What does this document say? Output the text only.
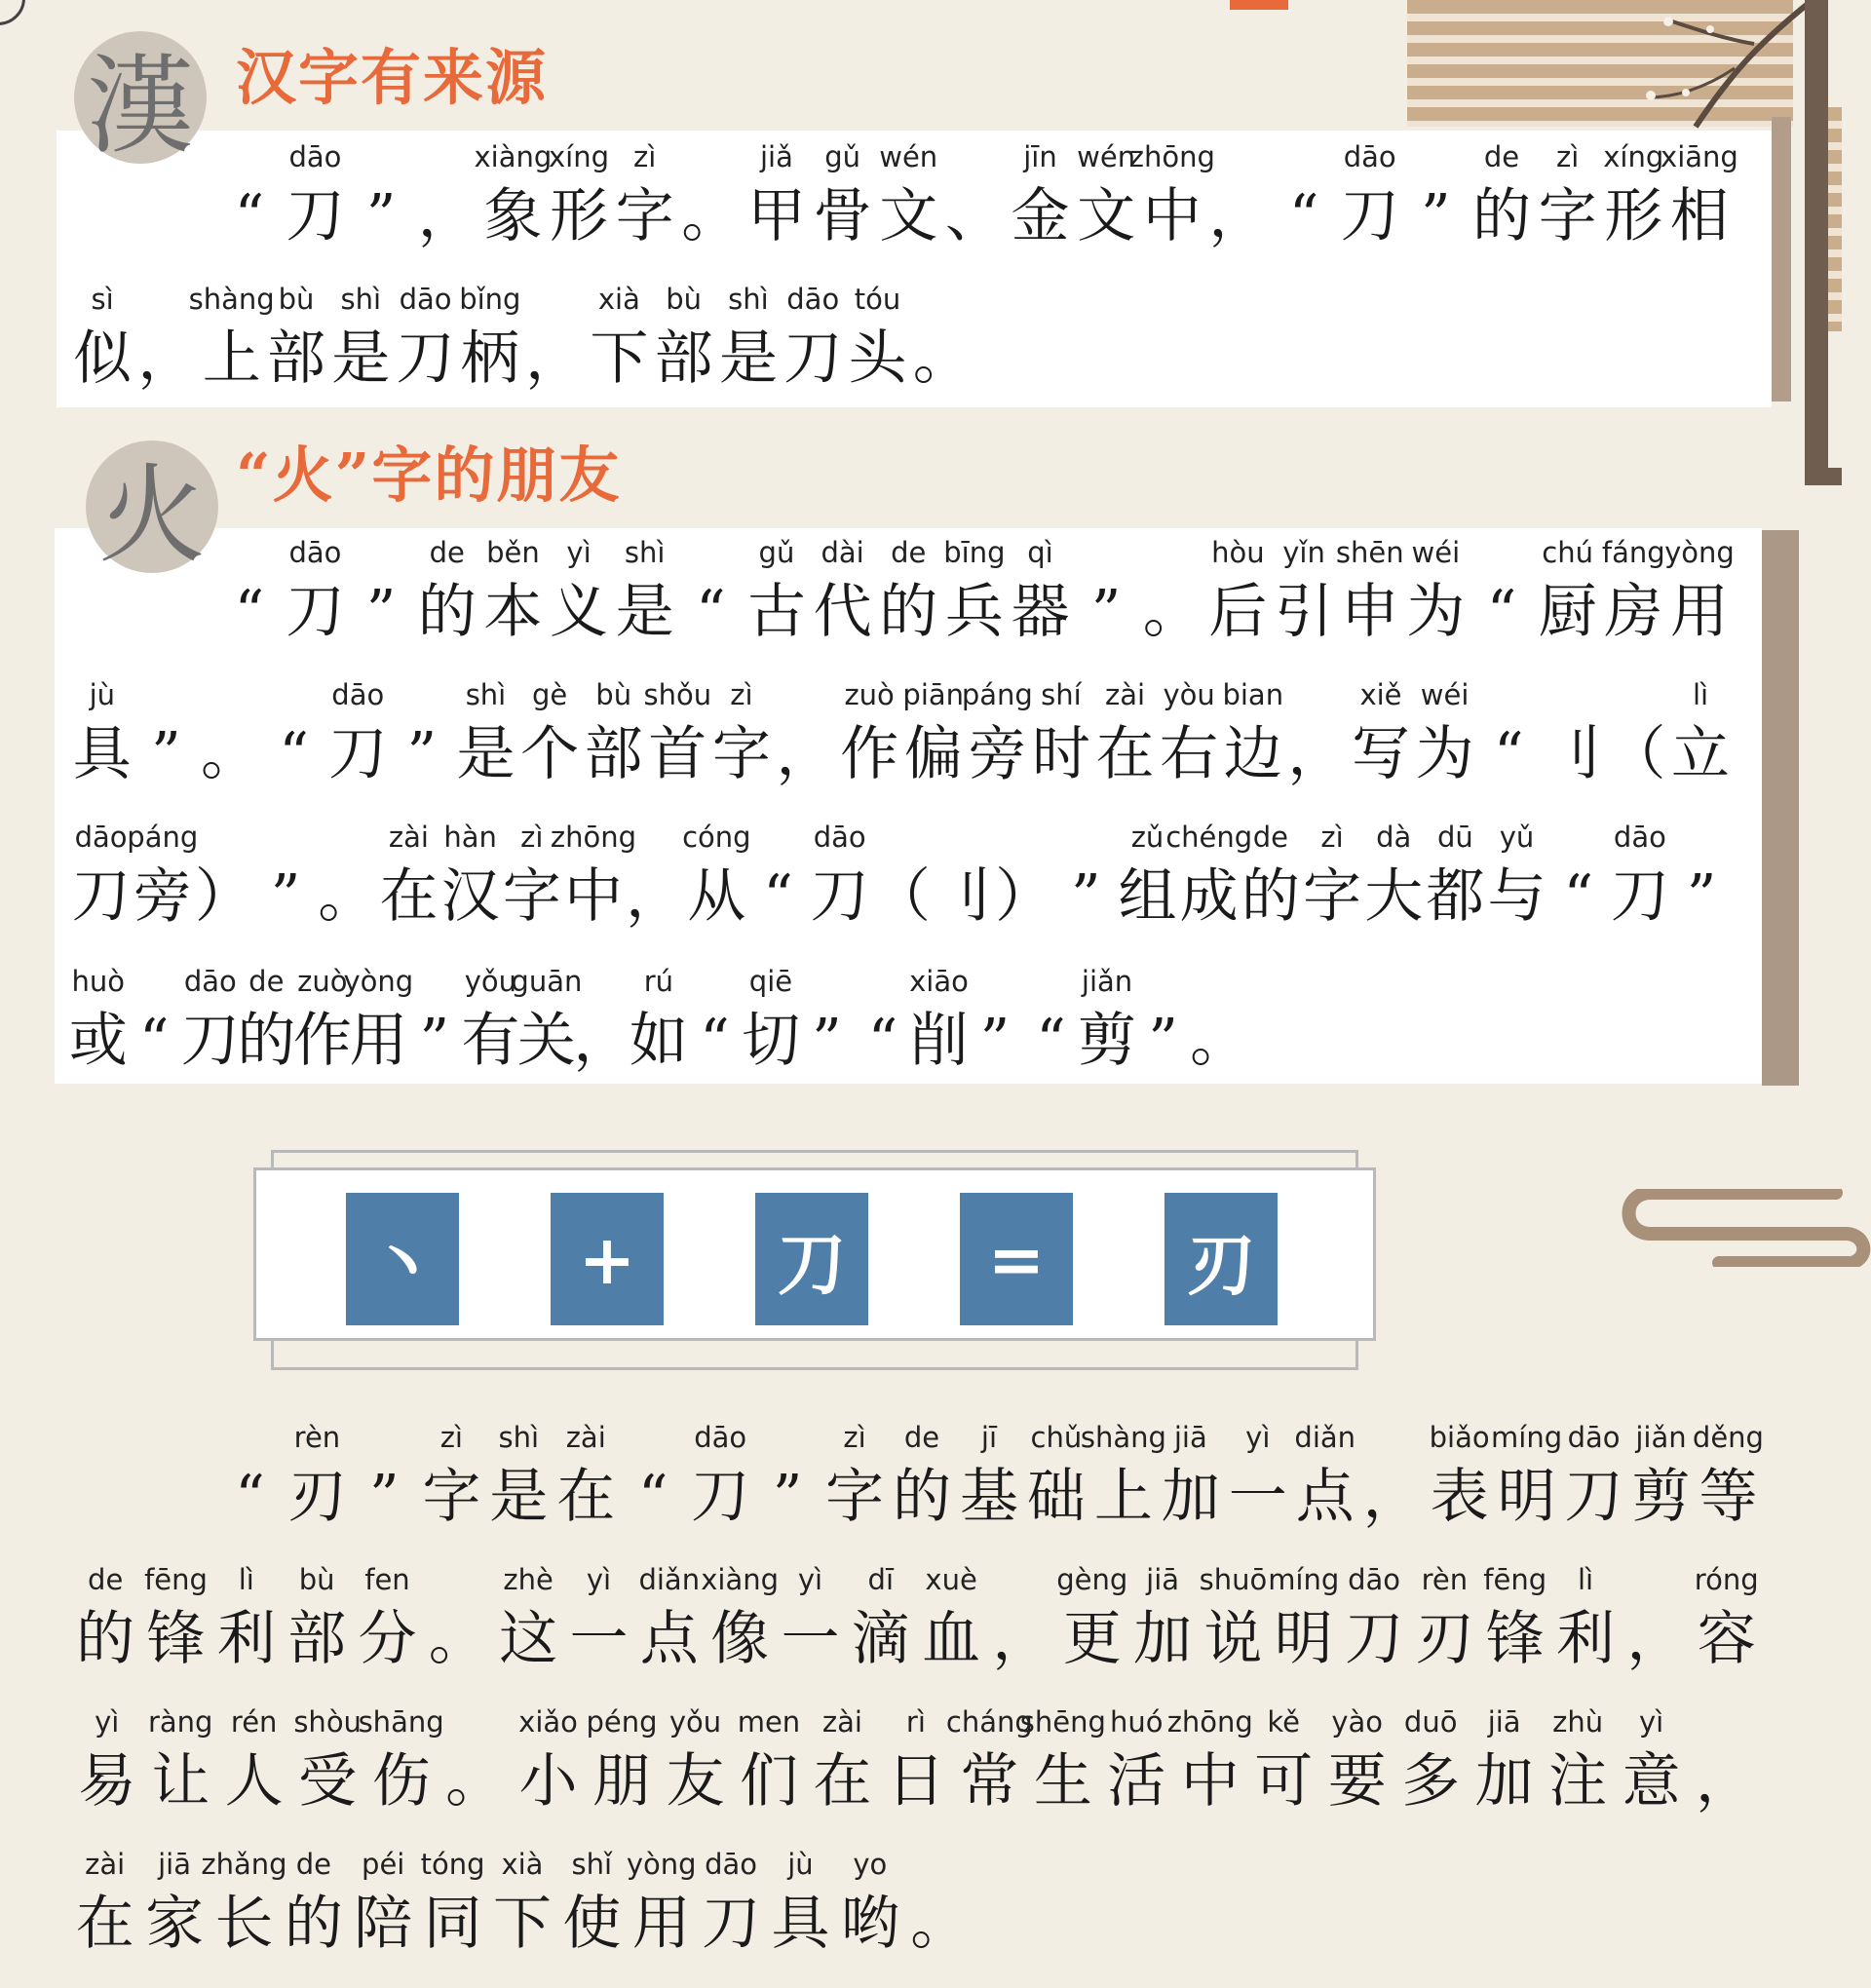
漢 汉字有来源
“
dāo
刀 ” ，
xiàng
象
xíng
形
zì
字 。
jiǎ
甲
gǔ
骨
wén
文 、
jīn
金
wén
文
zhōng
中 ， “
dāo
刀 ”
de
的
zì
字
xíng
形
xiāng
相
sì
似 ，
shàng
上
bù
部
shì
是
dāo
刀
bǐng
柄 ，
xià
下
bù
部
shì
是
dāo
刀
tóu
头 。
火 “火”字的朋友
“
dāo
刀 ”
de
的
běn
本
yì
义
shì
是 “
gǔ
古
dài
代
de
的
bīng
兵
qì
器 ” 。
hòu
后
yǐn
引
shēn
申
wéi
为 “
chú
厨
fáng
房
yòng
用
jù
具 ” 。 “
dāo
刀 ”
shì
是
gè
个
bù
部
shǒu
首
zì
字 ，
zuò
作
piān
偏
páng
旁
shí
时
zài
在
yòu
右
bian
边 ，
xiě
写
wéi
为 “ 刂 （
lì
立
dāo
刀
páng
旁 ） ” 。
zài
在
hàn
汉
zì
字
zhōng
中 ，
cóng
从 “
dāo
刀 （ 刂 ） ”
zǔ
组
chéng
成
de
的
zì
字
dà
大
dū
都
yǔ
与 “
dāo
刀 ”
huò
或 “
dāo
刀
de
的
zuò
作
yòng
用 ”
yǒu
有
guān
关
，
rú
如 “
qiē
切 ” “
xiāo
削 ” “
jiǎn
剪 ” 。
丶	+	刀	=	刃
“
rèn
刃 ”
zì
字
shì
是
zài
在 “
dāo
刀 ”
zì
字
de
的
jī
基
chǔ
础
shàng
上
jiā
加
yì
一
diǎn
点 ，
biǎo
表
míng
明
dāo
刀
jiǎn
剪
děng
等
de
的
fēng
锋
lì
利
bù
部
fen
分 。
zhè
这
yì
一
diǎn
点
xiàng
像
yì
一
dī
滴
xuè
血 ，
gèng
更
jiā
加
shuō
说
míng
明
dāo
刀
rèn
刃
fēng
锋
lì
利 ，
róng
容
yì
易
ràng
让
rén
人
shòu
受
shāng
伤 。
xiǎo
小
péng
朋
yǒu
友
men
们
zài
在
rì
日
cháng
常
shēng
生
huó
活
zhōng
中
kě
可
yào
要
duō
多
jiā
加
zhù
注
yì
意 ，
zài
在
jiā
家
zhǎng
长
de
的
péi
陪
tóng
同
xià
下
shǐ
使
yòng
用
dāo
刀
jù
具
yo
哟 。
